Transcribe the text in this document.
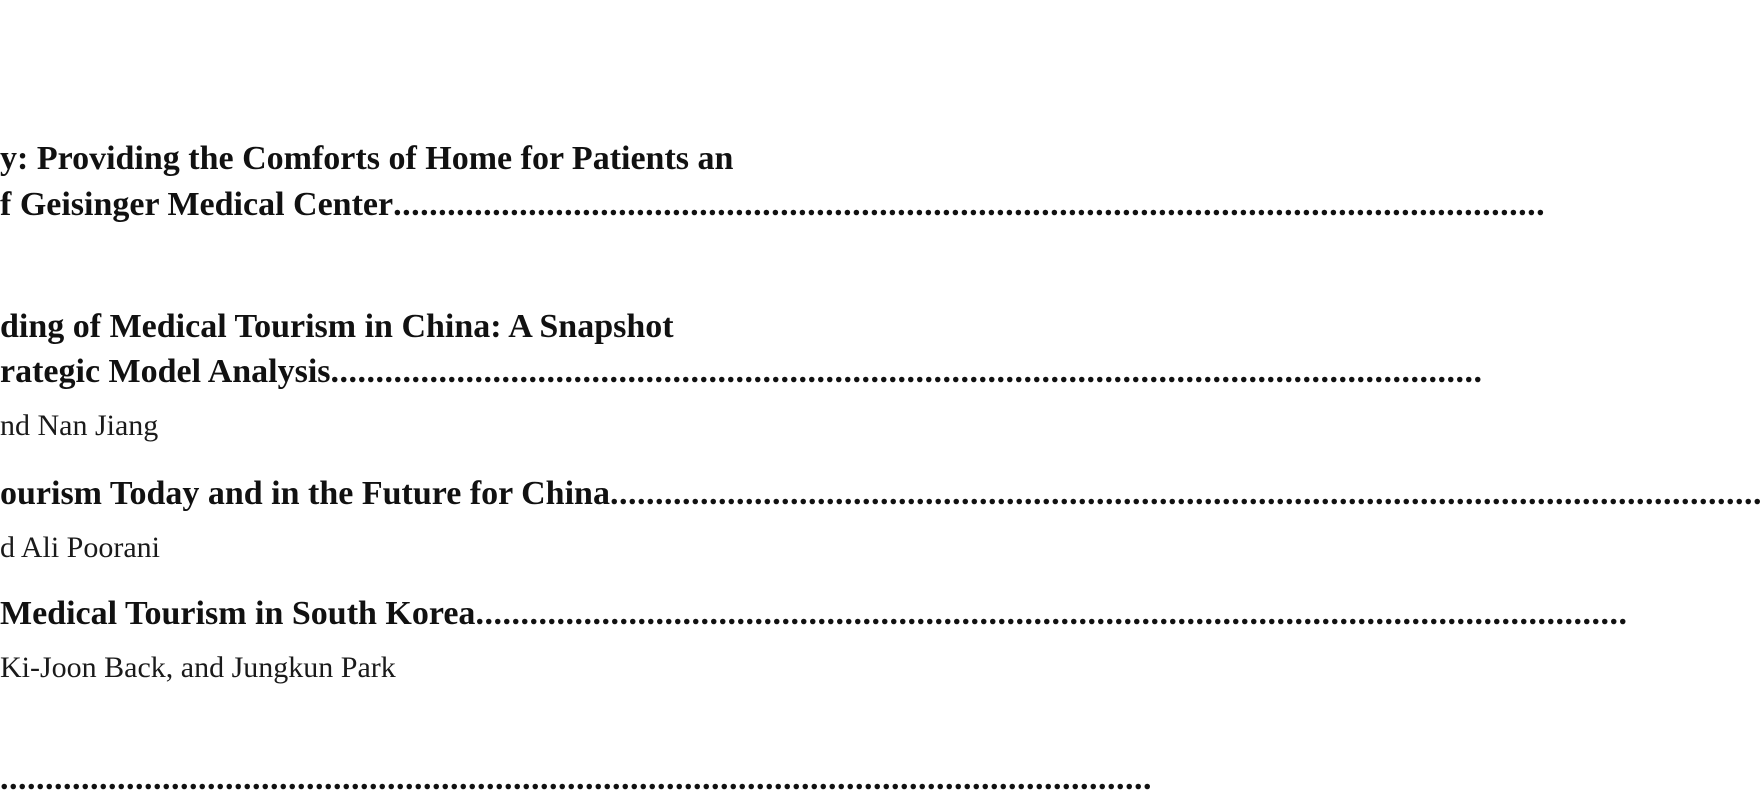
y: Providing the Comforts of Home for Patients an
f Geisinger Medical Center................................................................................................................................
ding of Medical Tourism in China: A Snapshot
rategic Model Analysis................................................................................................................................
nd Nan Jiang
ourism Today and in the Future for China................................................................................................................................
d Ali Poorani
Medical Tourism in South Korea................................................................................................................................
Ki-Joon Back, and Jungkun Park
................................................................................................................................
